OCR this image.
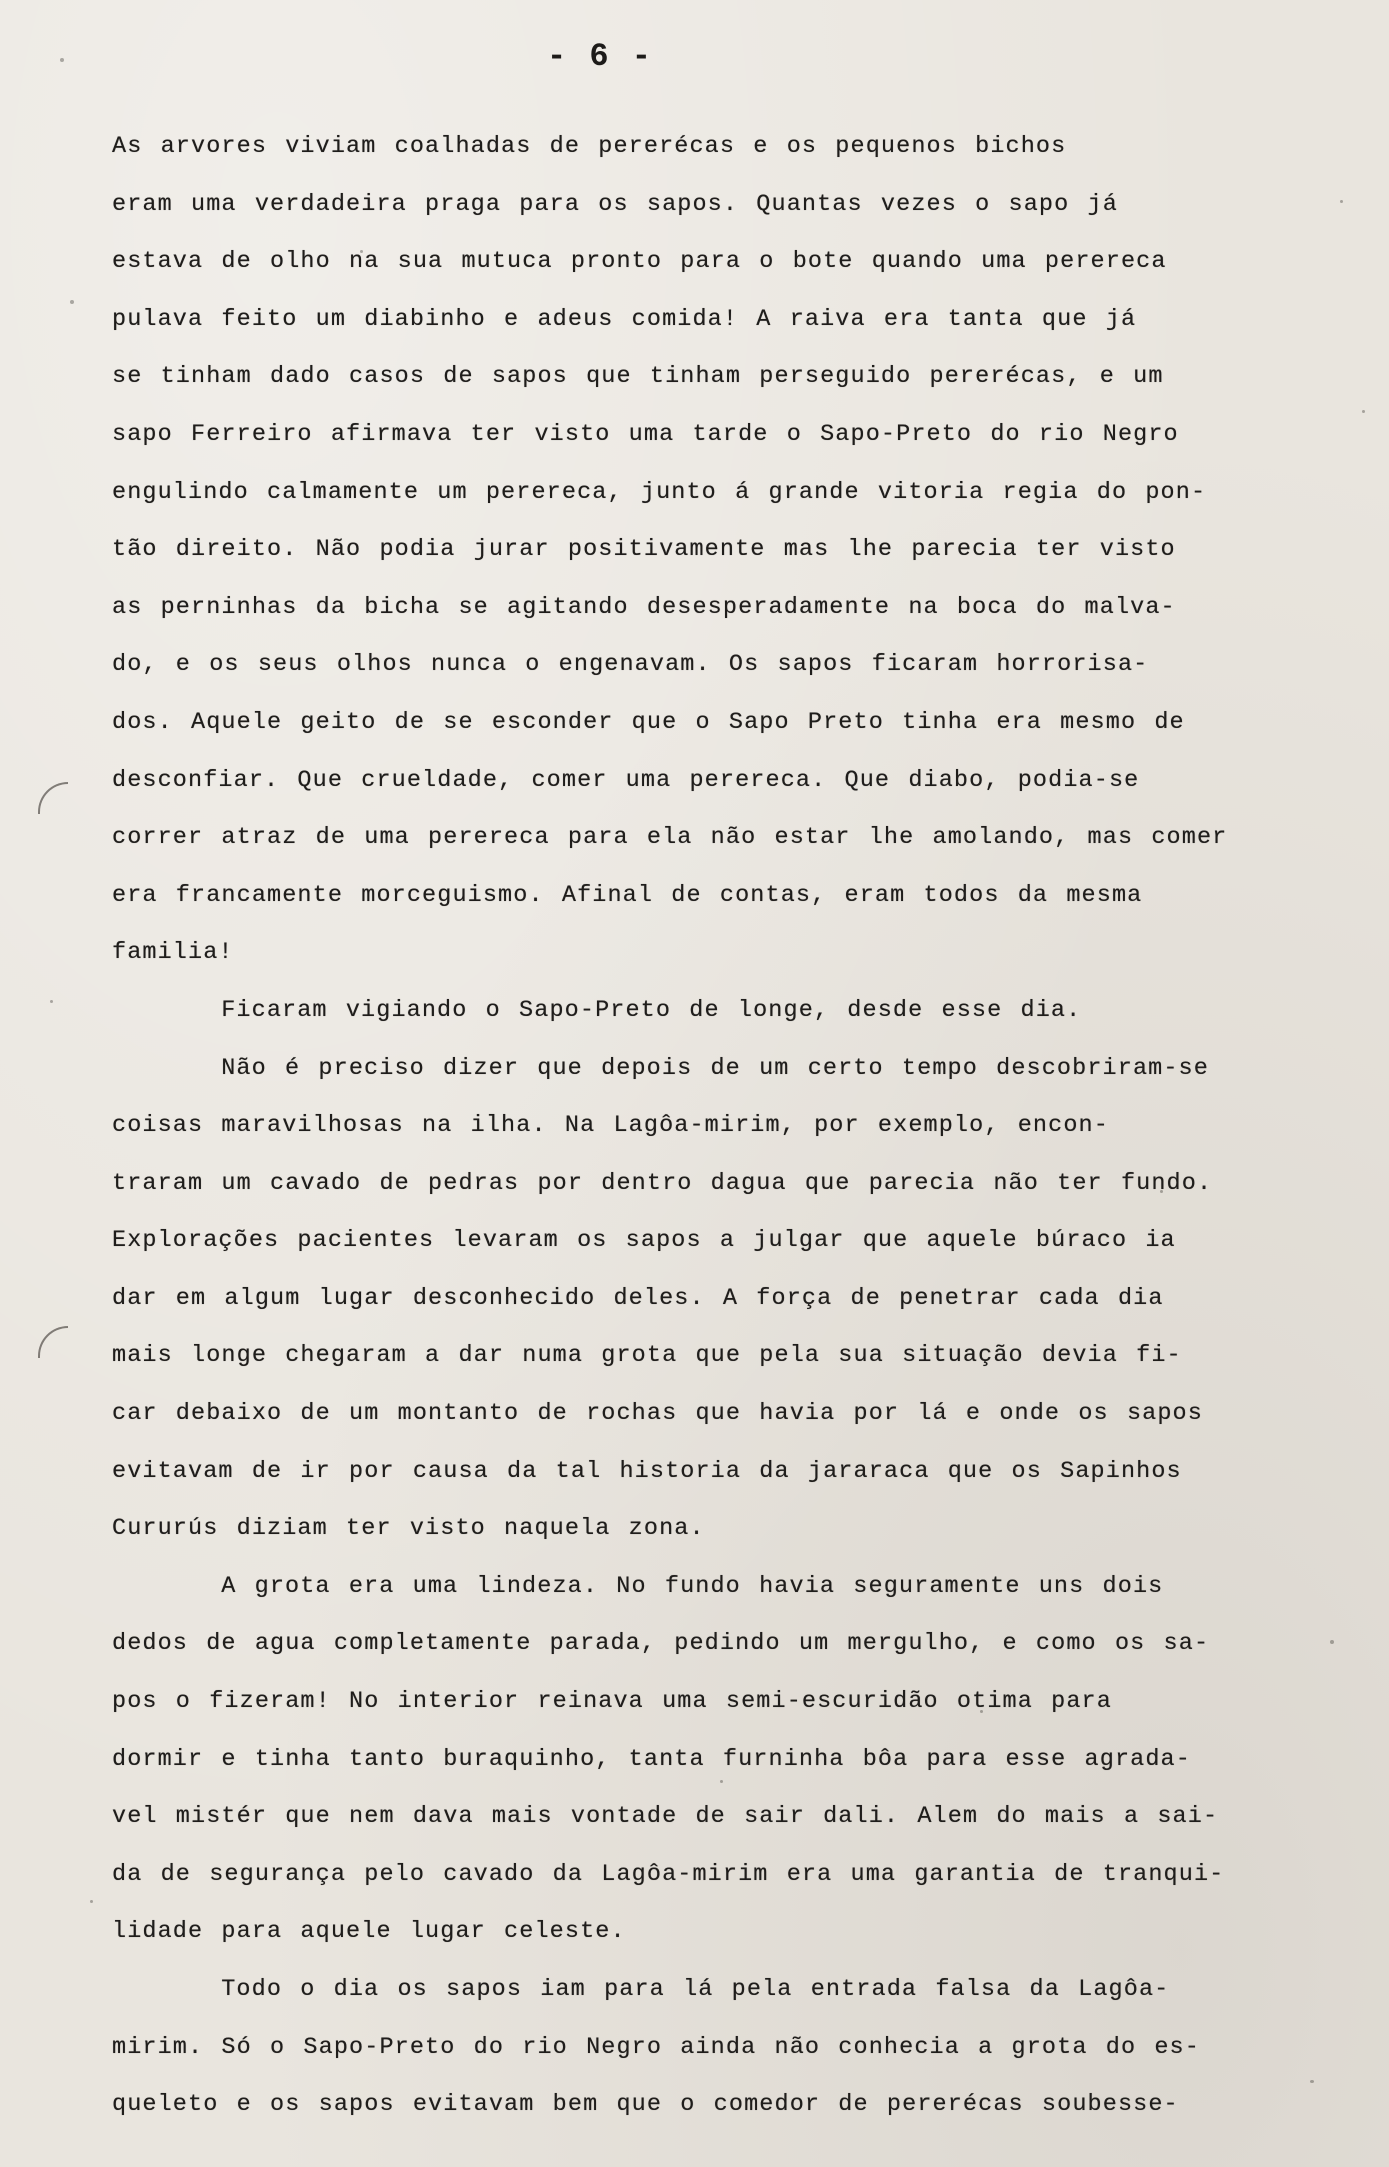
- 6 -
As arvores viviam coalhadas de pererécas e os pequenos bichos
eram uma verdadeira praga para os sapos. Quantas vezes o sapo já
estava de olho na sua mutuca pronto para o bote quando uma perereca
pulava feito um diabinho e adeus comida! A raiva era tanta que já
se tinham dado casos de sapos que tinham perseguido pererécas, e um
sapo Ferreiro afirmava ter visto uma tarde o Sapo-Preto do rio Negro
engulindo calmamente um perereca, junto á grande vitoria regia do pon-
tão direito. Não podia jurar positivamente mas lhe parecia ter visto
as perninhas da bicha se agitando desesperadamente na boca do malva-
do, e os seus olhos nunca o engenavam. Os sapos ficaram horrorisa-
dos. Aquele geito de se esconder que o Sapo Preto tinha era mesmo de
desconfiar. Que crueldade, comer uma perereca. Que diabo, podia-se
correr atraz de uma perereca para ela não estar lhe amolando, mas comer
era francamente morceguismo. Afinal de contas, eram todos da mesma
familia!
Ficaram vigiando o Sapo-Preto de longe, desde esse dia.
Não é preciso dizer que depois de um certo tempo descobriram-se
coisas maravilhosas na ilha. Na Lagôa-mirim, por exemplo, encon-
traram um cavado de pedras por dentro dagua que parecia não ter fundo.
Explorações pacientes levaram os sapos a julgar que aquele búraco ia
dar em algum lugar desconhecido deles. A força de penetrar cada dia
mais longe chegaram a dar numa grota que pela sua situação devia fi-
car debaixo de um montanto de rochas que havia por lá e onde os sapos
evitavam de ir por causa da tal historia da jararaca que os Sapinhos
Cururús diziam ter visto naquela zona.
A grota era uma lindeza. No fundo havia seguramente uns dois
dedos de agua completamente parada, pedindo um mergulho, e como os sa-
pos o fizeram! No interior reinava uma semi-escuridão otima para
dormir e tinha tanto buraquinho, tanta furninha bôa para esse agrada-
vel mistér que nem dava mais vontade de sair dali. Alem do mais a sai-
da de segurança pelo cavado da Lagôa-mirim era uma garantia de tranqui-
lidade para aquele lugar celeste.
Todo o dia os sapos iam para lá pela entrada falsa da Lagôa-
mirim. Só o Sapo-Preto do rio Negro ainda não conhecia a grota do es-
queleto e os sapos evitavam bem que o comedor de pererécas soubesse-
